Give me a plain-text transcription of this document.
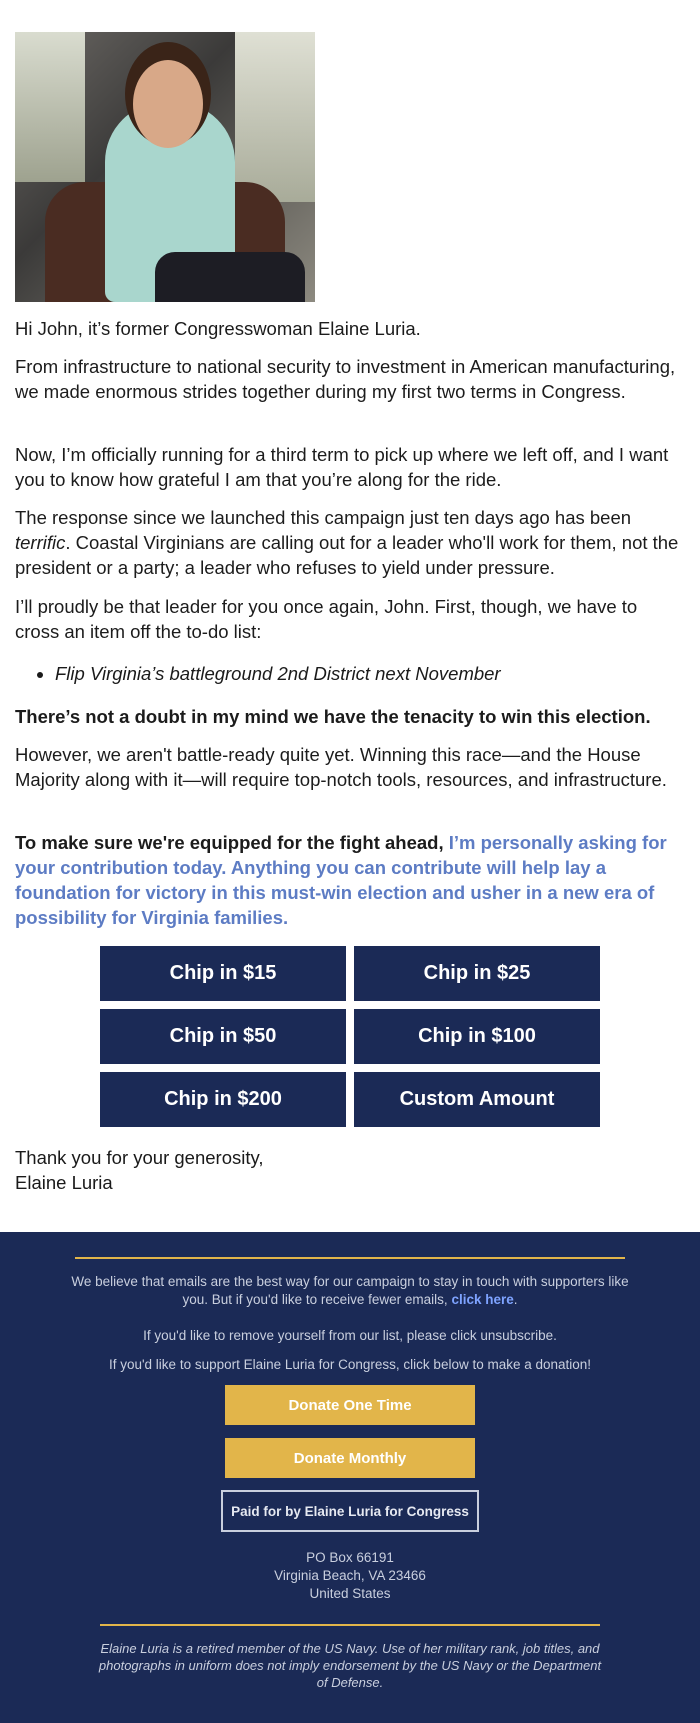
Hi John, it’s former Congresswoman Elaine Luria.

From infrastructure to national security to investment in American manufacturing, we made enormous strides together during my first two terms in Congress.

Now, I’m officially running for a third term to pick up where we left off, and I want you to know how grateful I am that you’re along for the ride.

The response since we launched this campaign just ten days ago has been terrific. Coastal Virginians are calling out for a leader who'll work for them, not the president or a party; a leader who refuses to yield under pressure.

I’ll proudly be that leader for you once again, John. First, though, we have to cross an item off the to-do list:

• Flip Virginia’s battleground 2nd District next November

There’s not a doubt in my mind we have the tenacity to win this election.

However, we aren't battle-ready quite yet. Winning this race—and the House Majority along with it—will require top-notch tools, resources, and infrastructure.

To make sure we're equipped for the fight ahead, I’m personally asking for your contribution today. Anything you can contribute will help lay a foundation for victory in this must-win election and usher in a new era of possibility for Virginia families.

Chip in $15	Chip in $25
Chip in $50	Chip in $100
Chip in $200	Custom Amount

Thank you for your generosity,
Elaine Luria

We believe that emails are the best way for our campaign to stay in touch with supporters like you. But if you'd like to receive fewer emails, click here.

If you'd like to remove yourself from our list, please click unsubscribe.

If you'd like to support Elaine Luria for Congress, click below to make a donation!

Donate One Time
Donate Monthly
Paid for by Elaine Luria for Congress

PO Box 66191
Virginia Beach, VA 23466
United States

Elaine Luria is a retired member of the US Navy. Use of her military rank, job titles, and photographs in uniform does not imply endorsement by the US Navy or the Department of Defense.
